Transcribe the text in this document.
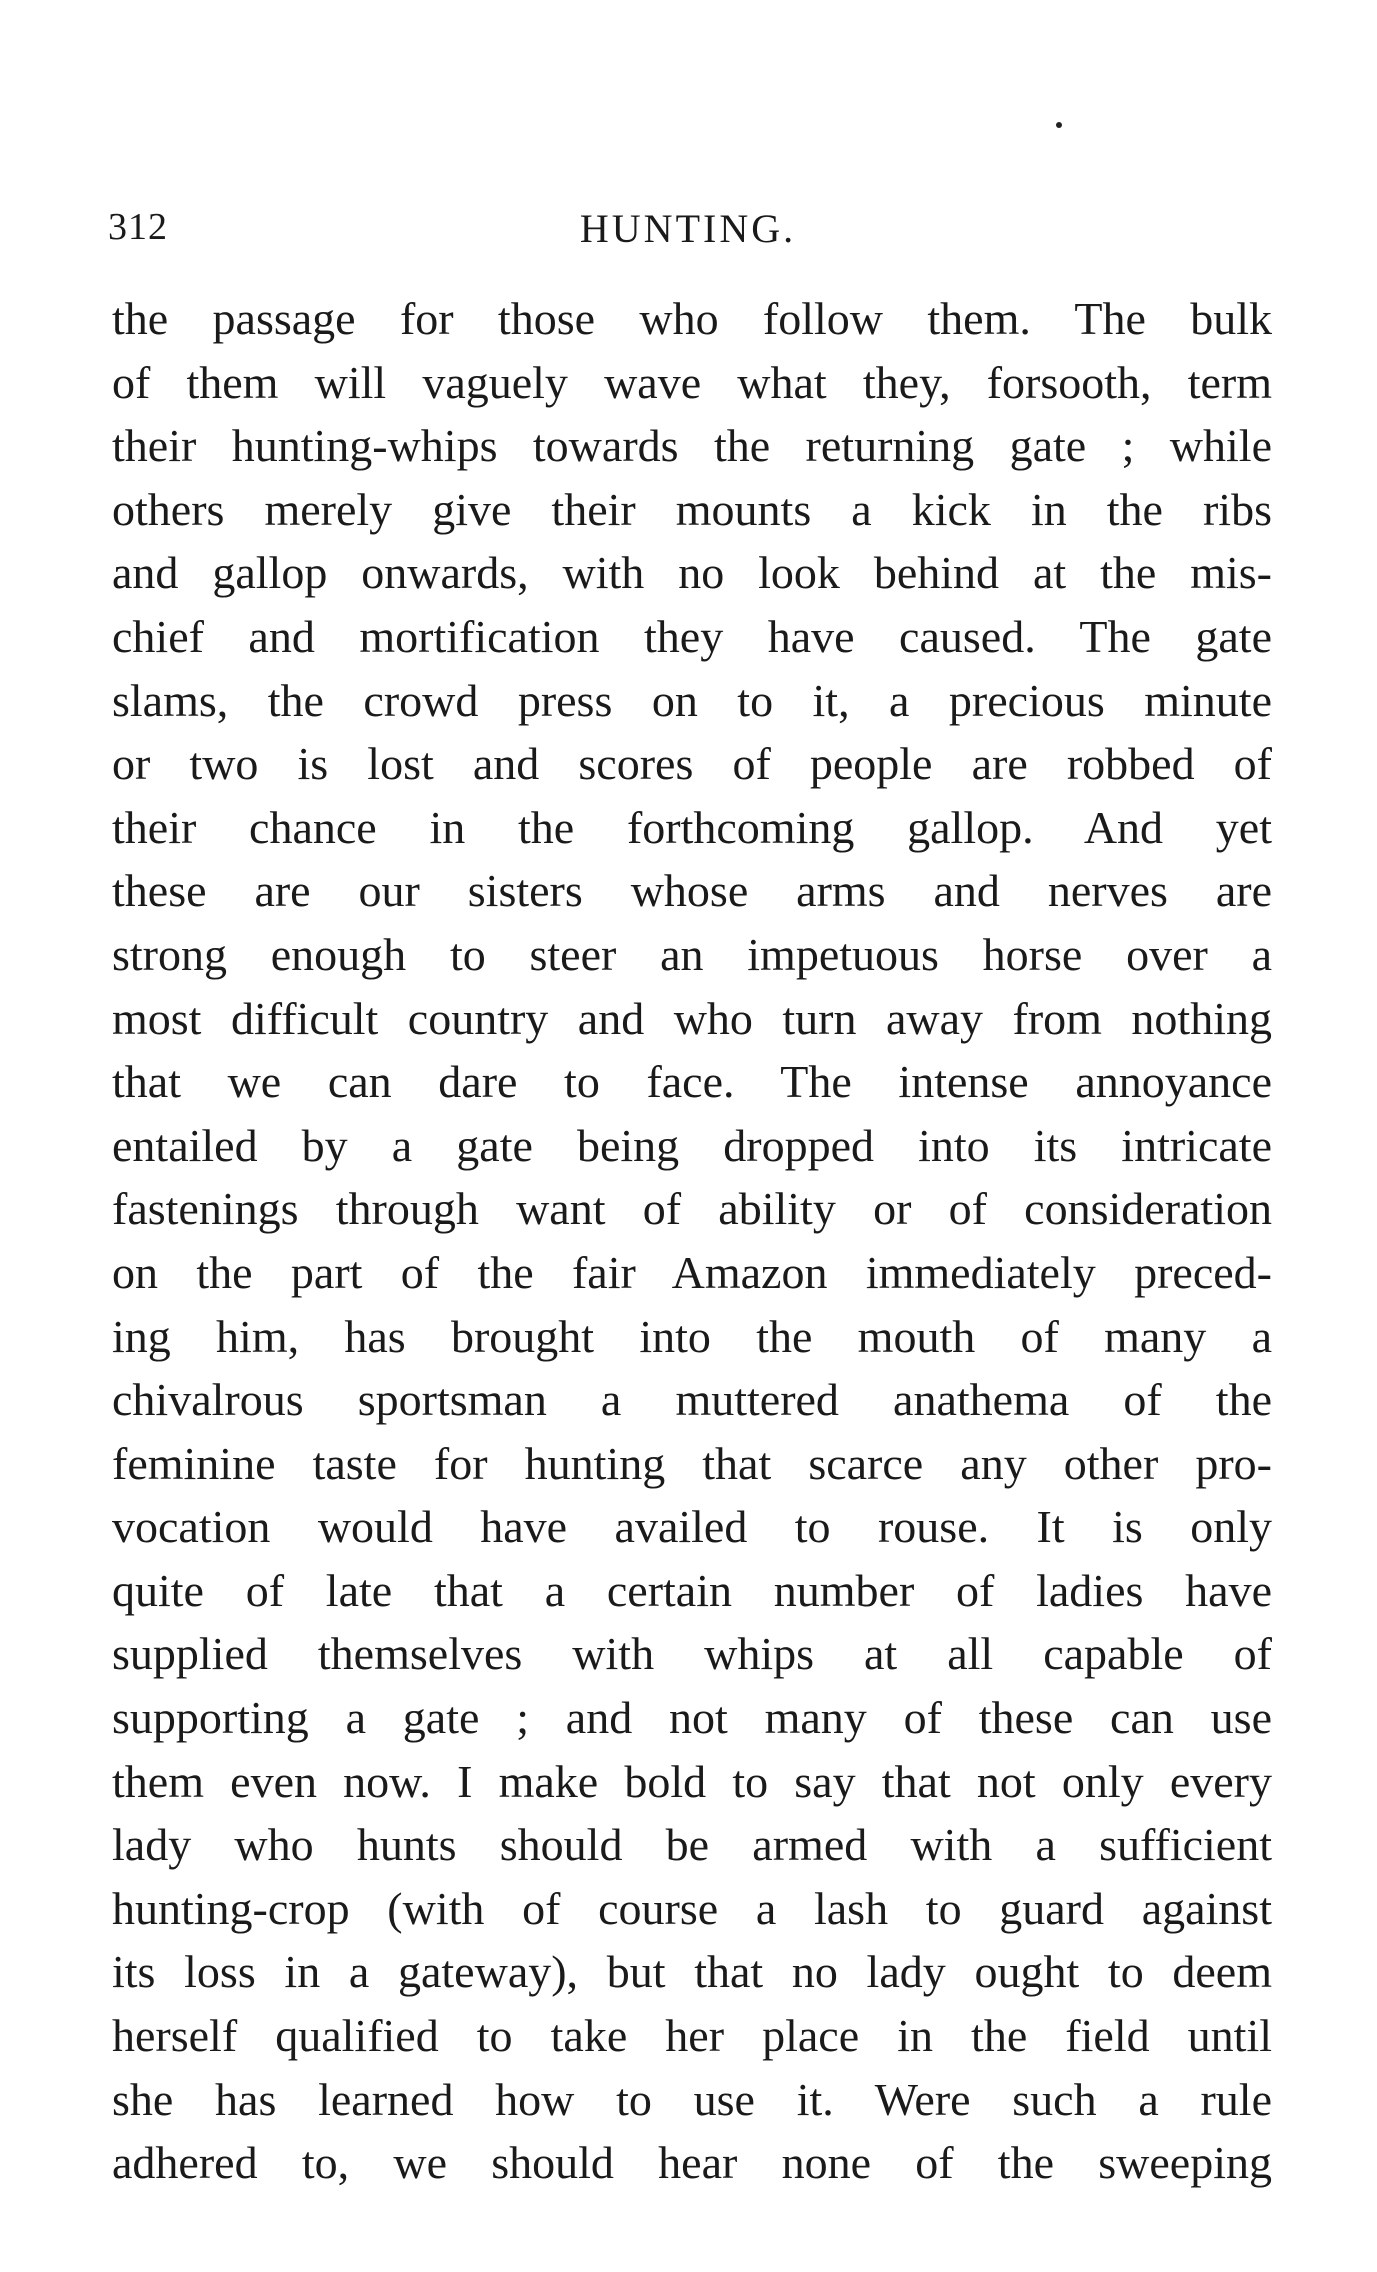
312	HUNTING.
the passage for those who follow them. The bulk
of them will vaguely wave what they, forsooth, term
their hunting-whips towards the returning gate ; while
others merely give their mounts a kick in the ribs
and gallop onwards, with no look behind at the mis-
chief and mortification they have caused. The gate
slams, the crowd press on to it, a precious minute
or two is lost and scores of people are robbed of
their chance in the forthcoming gallop. And yet
these are our sisters whose arms and nerves are
strong enough to steer an impetuous horse over a
most difficult country and who turn away from nothing
that we can dare to face. The intense annoyance
entailed by a gate being dropped into its intricate
fastenings through want of ability or of consideration
on the part of the fair Amazon immediately preced-
ing him, has brought into the mouth of many a
chivalrous sportsman a muttered anathema of the
feminine taste for hunting that scarce any other pro-
vocation would have availed to rouse. It is only
quite of late that a certain number of ladies have
supplied themselves with whips at all capable of
supporting a gate ; and not many of these can use
them even now. I make bold to say that not only every
lady who hunts should be armed with a sufficient
hunting-crop (with of course a lash to guard against
its loss in a gateway), but that no lady ought to deem
herself qualified to take her place in the field until
she has learned how to use it. Were such a rule
adhered to, we should hear none of the sweeping
